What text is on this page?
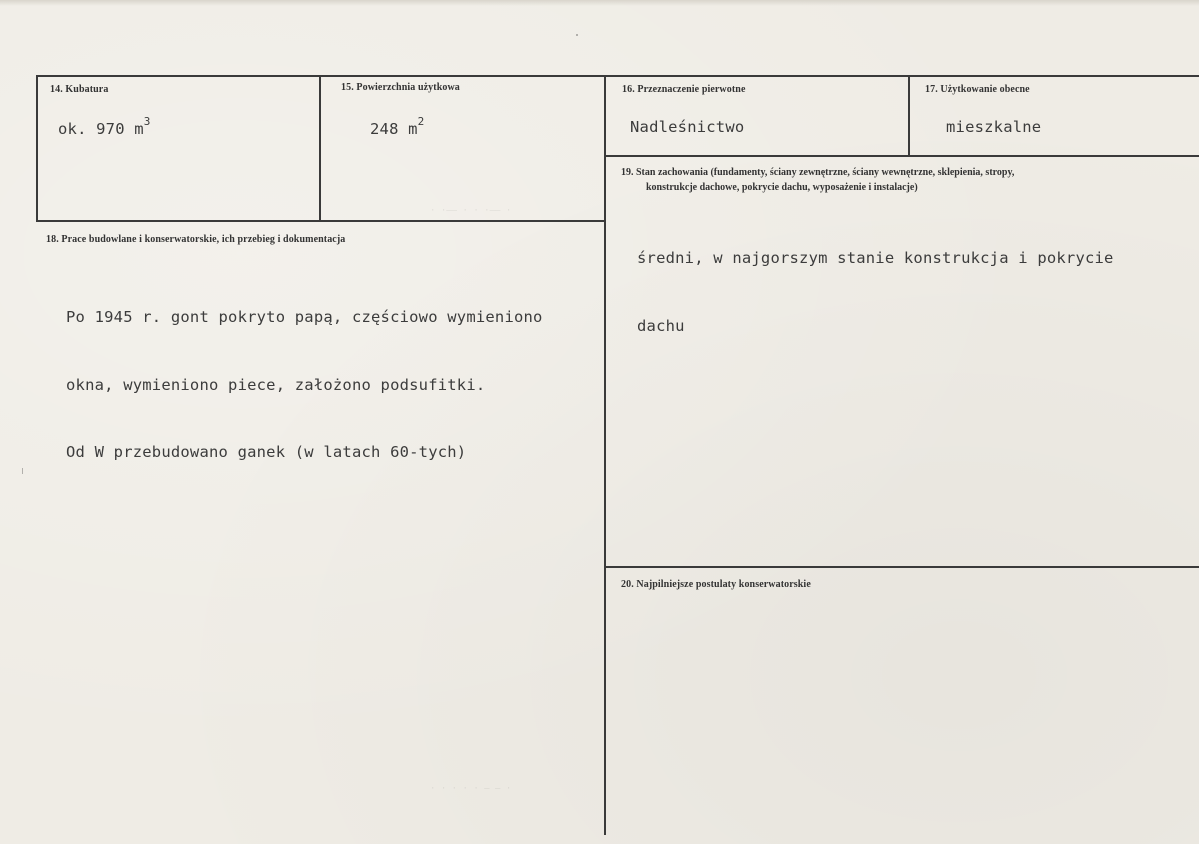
14. Kubatura
ok. 970 $m^3$
15. Powierzchnia użytkowa
248 $m^2$
16. Przeznaczenie pierwotne
Nadleśnictwo
17. Użytkowanie obecne
mieszkalne
18. Prace budowlane i konserwatorskie, ich przebieg i dokumentacja

Po 1945 r. gont pokryto papą, częściowo wymieniono

okna, wymieniono piece, założono podsufitki.

Od W przebudowano ganek (w latach 60-tych)

19. Stan zachowania (fundamenty, ściany zewnętrzne, ściany wewnętrzne, sklepienia, stropy,
konstrukcje dachowe, pokrycie dachu, wyposażenie i instalacje)

średni, w najgorszym stanie konstrukcja i pokrycie

dachu

20. Najpilniejsze postulaty konserwatorskie
· ·—— · · ·—— ·
· · · · · — — ·
